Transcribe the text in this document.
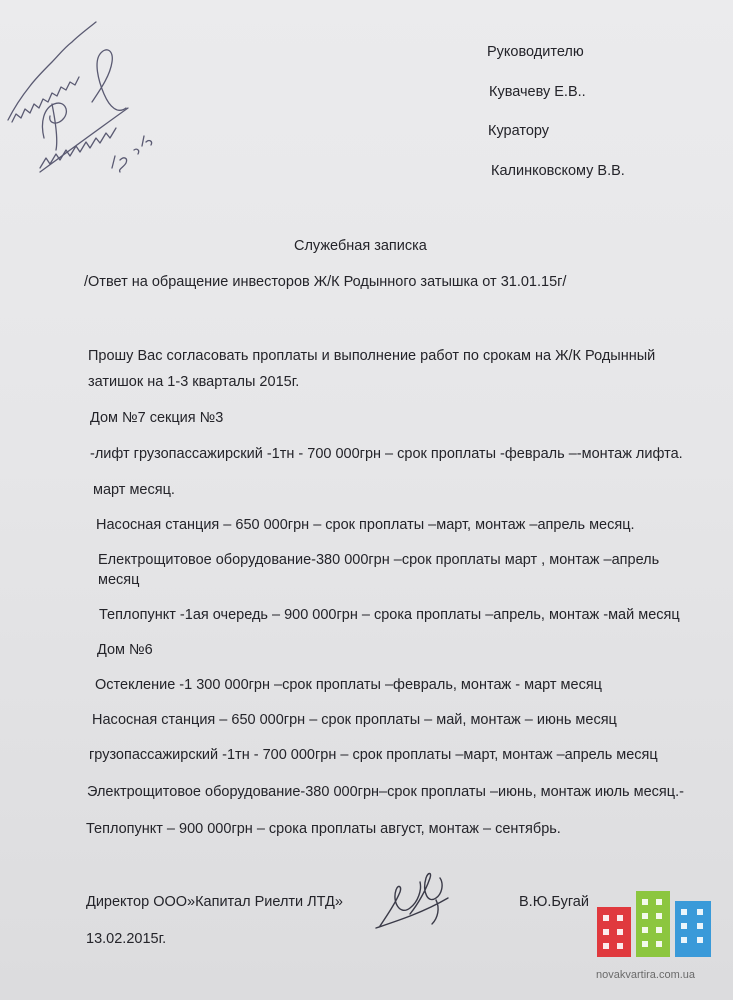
Руководителю
Кувачеву Е.В..
Куратору
Калинковскому В.В.
Служебная записка
/Ответ на обращение инвесторов Ж/К Родынного затышка от 31.01.15г/
Прошу Вас согласовать проплаты и выполнение работ по срокам на Ж/К Родынный
затишок на 1-3 кварталы 2015г.
Дом №7 секция №3
-лифт грузопассажирский -1тн - 700 000грн – срок проплаты -февраль –-монтаж лифта.
март месяц.
Насосная станция – 650 000грн – срок проплаты –март, монтаж –апрель месяц.
Електрощитовое оборудование-380 000грн –срок проплаты март , монтаж –апрель
месяц
Теплопункт -1ая очередь – 900 000грн – срока проплаты –апрель, монтаж -май месяц
Дом №6
Остекление -1 300 000грн –срок проплаты –февраль, монтаж - март месяц
Насосная станция – 650 000грн – срок проплаты – май, монтаж – июнь месяц
грузопассажирский -1тн - 700 000грн – срок проплаты –март, монтаж –апрель месяц
Электрощитовое оборудование-380 000грн–срок проплаты –июнь, монтаж июль месяц.-
Теплопункт – 900 000грн – срока проплаты август, монтаж – сентябрь.
Директор ООО»Капитал Риелти ЛТД»	В.Ю.Бугай
13.02.2015г.
novakvartira.com.ua
